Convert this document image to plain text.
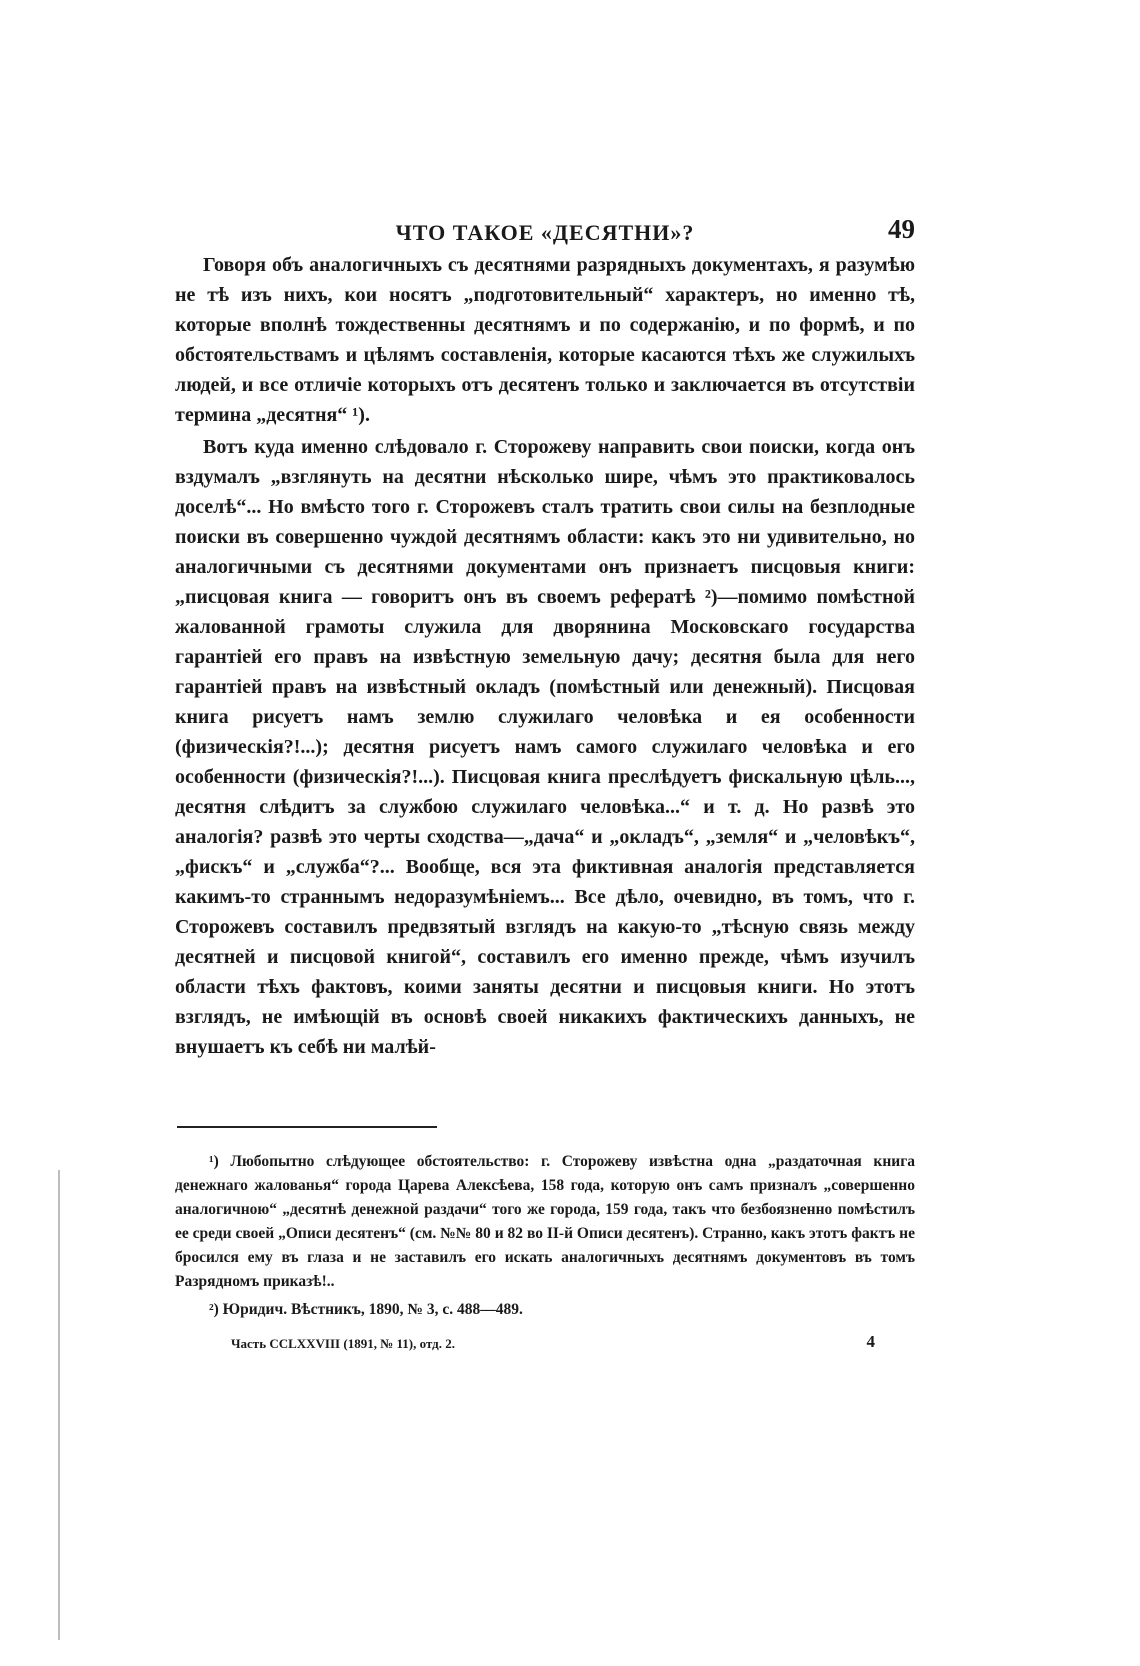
ЧТО ТАКОЕ «ДЕСЯТНИ»?	49

Говоря объ аналогичныхъ съ десятнями разрядныхъ документахъ, я разумѣю не тѣ изъ нихъ, кои носятъ „подготовительный“ характеръ, но именно тѣ, которые вполнѣ тождественны десятнямъ и по содержанію, и по формѣ, и по обстоятельствамъ и цѣлямъ составленія, которые касаются тѣхъ же служилыхъ людей, и все отличіе которыхъ отъ десятенъ только и заключается въ отсутствіи термина „десятня“ ¹).

Вотъ куда именно слѣдовало г. Сторожеву направить свои поиски, когда онъ вздумалъ „взглянуть на десятни нѣсколько шире, чѣмъ это практиковалось доселѣ“... Но вмѣсто того г. Сторожевъ сталъ тратить свои силы на безплодные поиски въ совершенно чуждой десятнямъ области: какъ это ни удивительно, но аналогичными съ десятнями документами онъ признаетъ писцовыя книги: „писцовая книга — говоритъ онъ въ своемъ рефератѣ ²)—помимо помѣстной жалованной грамоты служила для дворянина Московскаго государства гарантіей его правъ на извѣстную земельную дачу; десятня была для него гарантіей правъ на извѣстный окладъ (помѣстный или денежный). Писцовая книга рисуетъ намъ землю служилаго человѣка и ея особенности (физическія?!...); десятня рисуетъ намъ самого служилаго человѣка и его особенности (физическія?!...). Писцовая книга преслѣдуетъ фискальную цѣль..., десятня слѣдитъ за службою служилаго человѣка...“ и т. д. Но развѣ это аналогія? развѣ это черты сходства—„дача“ и „окладъ“, „земля“ и „человѣкъ“, „фискъ“ и „служба“?... Вообще, вся эта фиктивная аналогія представляется какимъ-то страннымъ недоразумѣніемъ... Все дѣло, очевидно, въ томъ, что г. Сторожевъ составилъ предвзятый взглядъ на какую-то „тѣсную связь между десятней и писцовой книгой“, составилъ его именно прежде, чѣмъ изучилъ области тѣхъ фактовъ, коими заняты десятни и писцовыя книги. Но этотъ взглядъ, не имѣющій въ основѣ своей никакихъ фактическихъ данныхъ, не внушаетъ къ себѣ ни малѣй-

¹) Любопытно слѣдующее обстоятельство: г. Сторожеву извѣстна одна „раздаточная книга денежнаго жалованья“ города Царева Алексѣева, 158 года, которую онъ самъ призналъ „совершенно аналогичною“ „десятнѣ денежной раздачи“ того же города, 159 года, такъ что безбоязненно помѣстилъ ее среди своей „Описи десятенъ“ (см. №№ 80 и 82 во II-й Описи десятенъ). Странно, какъ этотъ фактъ не бросился ему въ глаза и не заставилъ его искать аналогичныхъ десятнямъ документовъ въ томъ Разрядномъ приказѣ!..

²) Юридич. Вѣстникъ, 1890, № 3, с. 488—489.

Часть CCLXXVIII (1891, № 11), отд. 2.	4
